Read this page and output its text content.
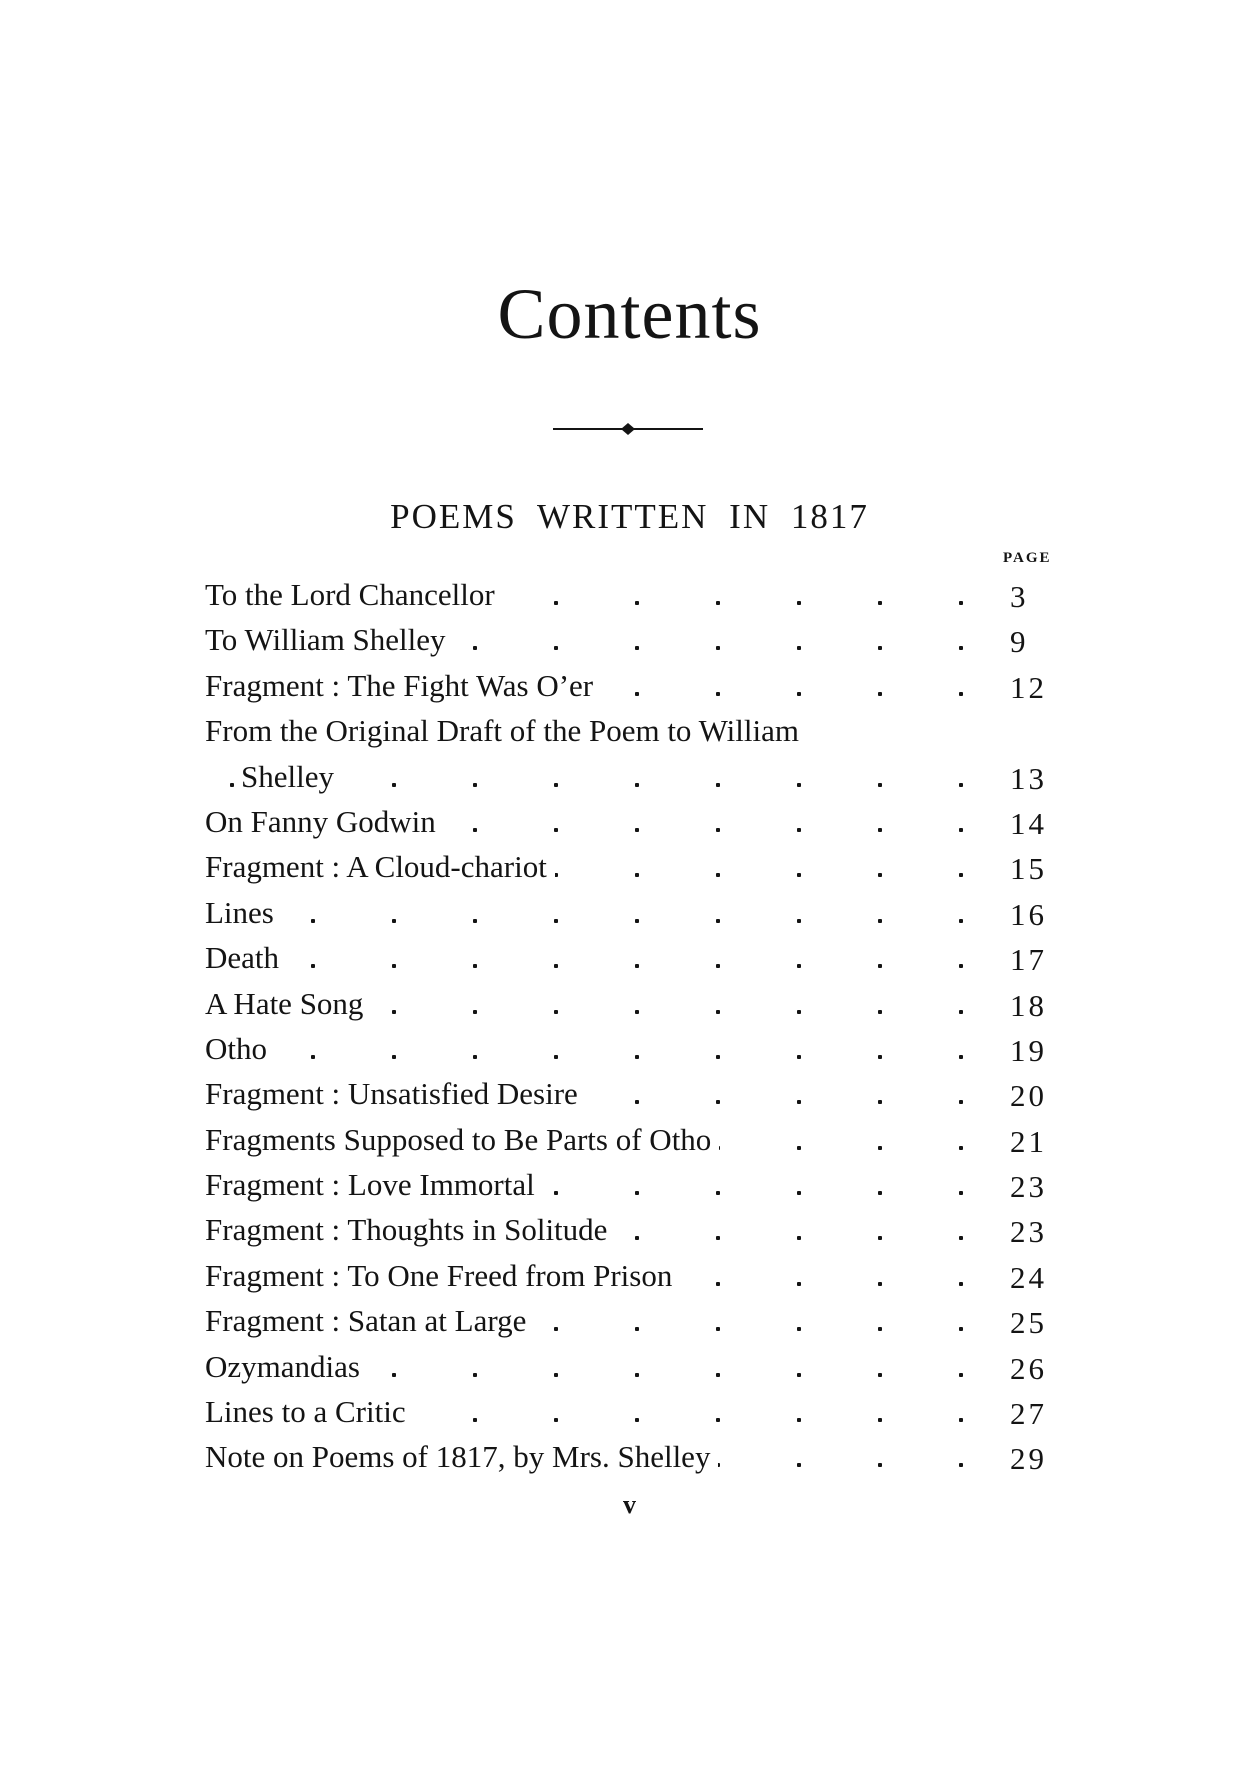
Contents
POEMS WRITTEN IN 1817
PAGE
To the Lord Chancellor	3
To William Shelley	9
Fragment : The Fight Was O’er	12
From the Original Draft of the Poem to William
Shelley	13
On Fanny Godwin	14
Fragment : A Cloud-chariot	15
Lines	16
Death	17
A Hate Song	18
Otho	19
Fragment : Unsatisfied Desire	20
Fragments Supposed to Be Parts of Otho	21
Fragment : Love Immortal	23
Fragment : Thoughts in Solitude	23
Fragment : To One Freed from Prison	24
Fragment : Satan at Large	25
Ozymandias	26
Lines to a Critic	27
Note on Poems of 1817, by Mrs. Shelley	29
v
